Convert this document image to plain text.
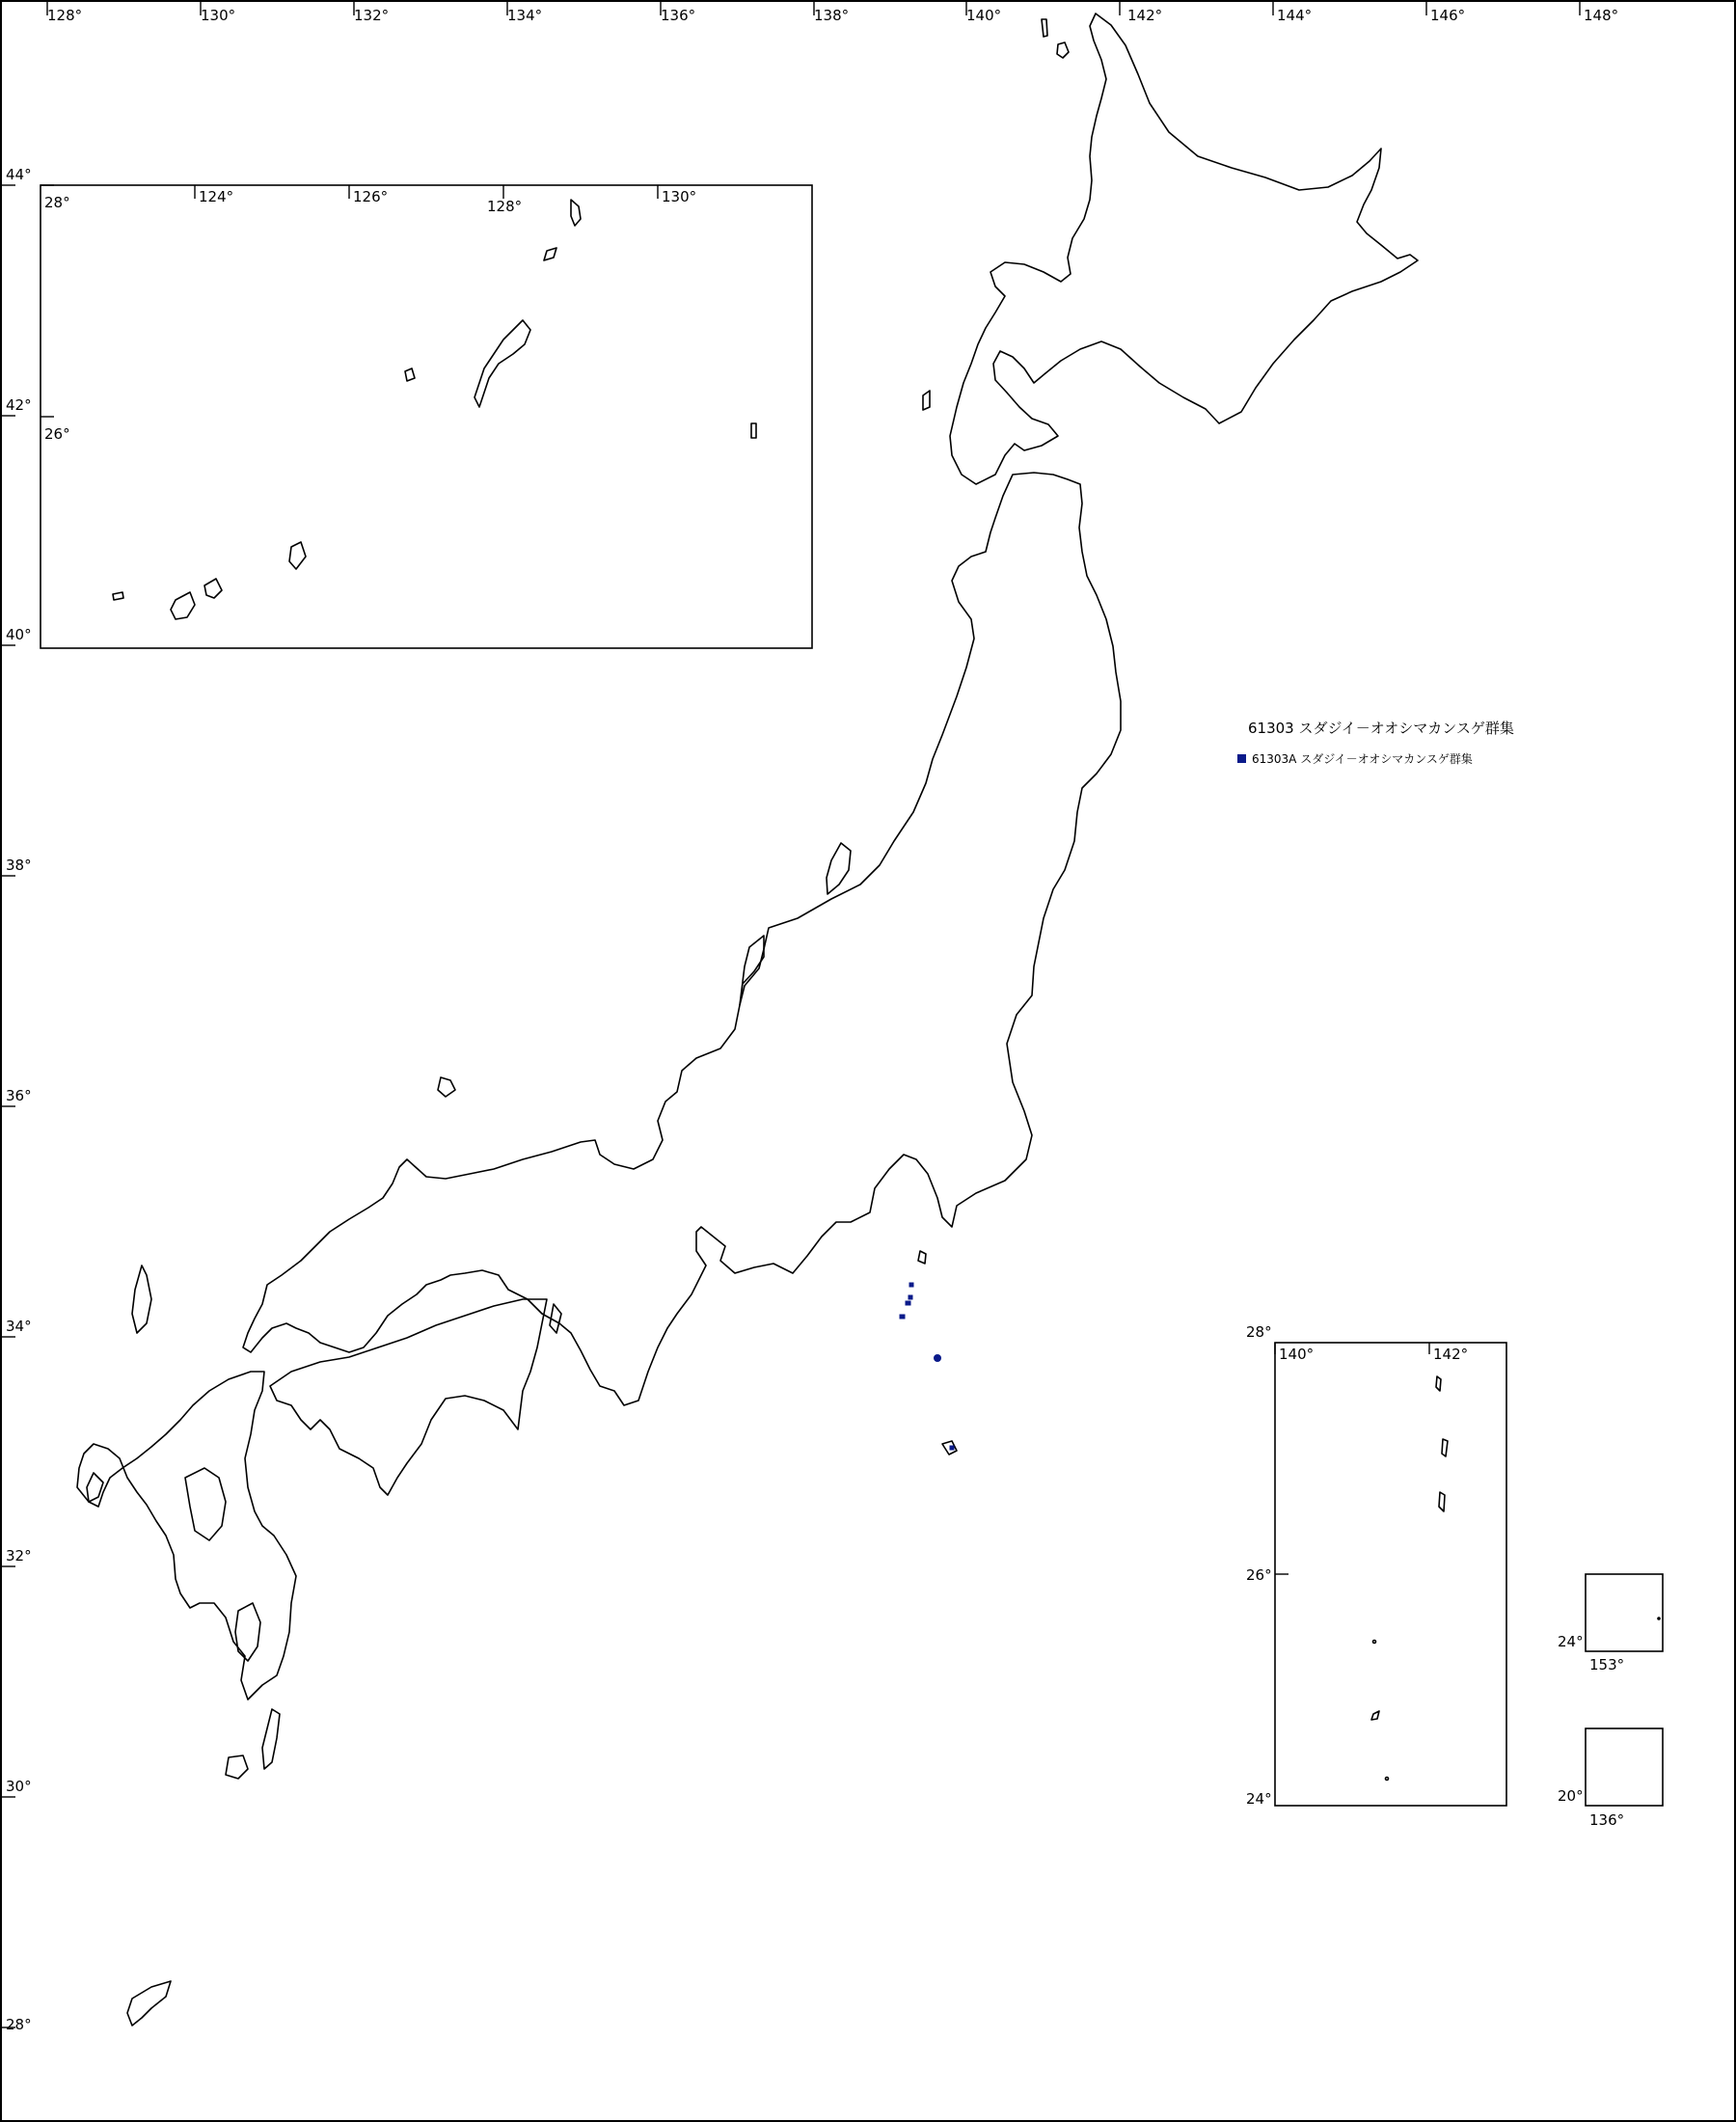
128°	130°	132°	134°	136°	138°	140°	142°	144°	146°	148°
44°
42°
40°
38°
36°
34°
32°
30°
28°
61303 スダジイ－オオシマカンスゲ群集
61303A スダジイ－オオシマカンスゲ群集
28°	124°	126°
128°
130°
26°
28°
140°	142°
26°
24°
24°
153°
20°
136°
